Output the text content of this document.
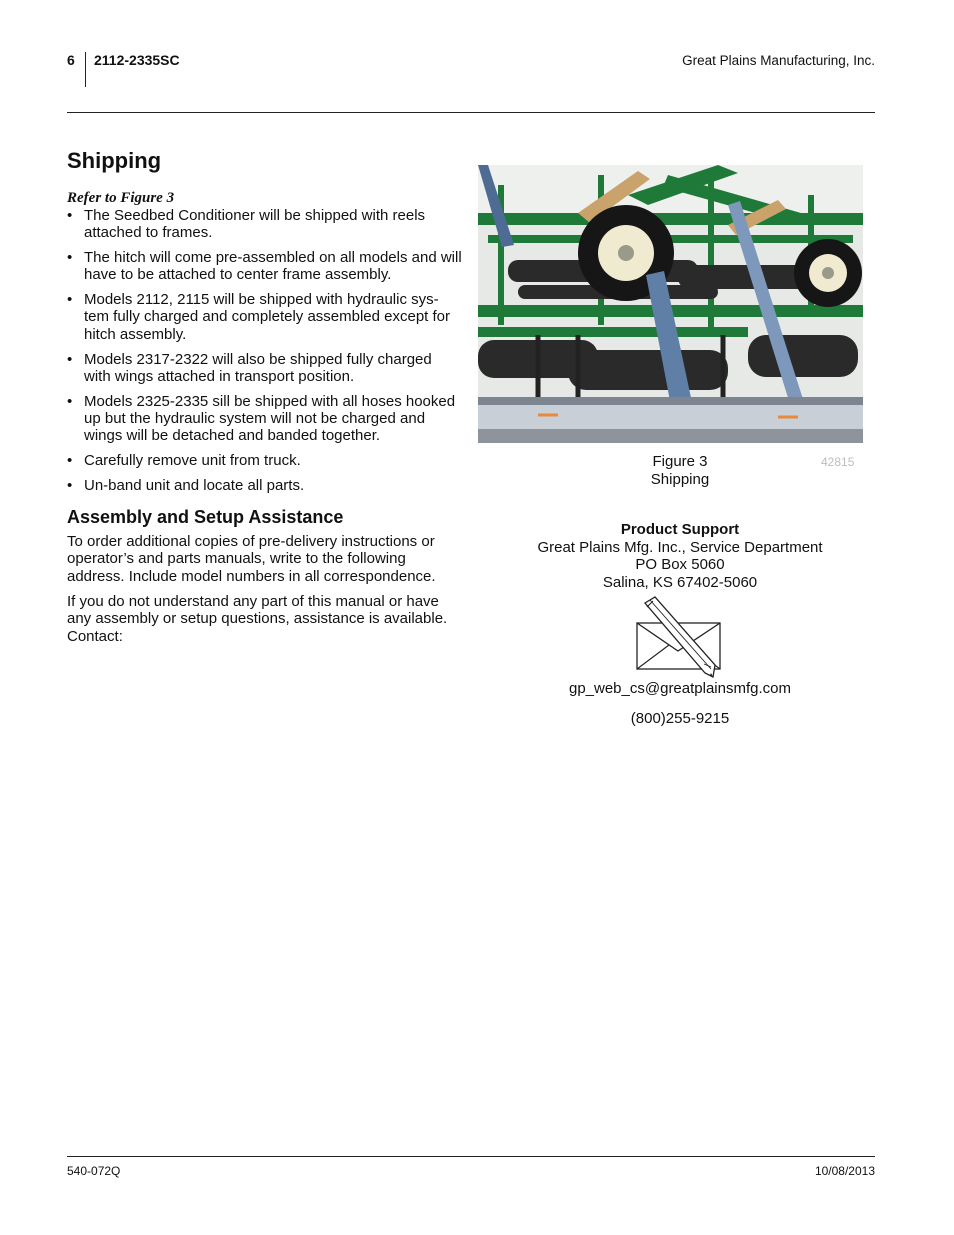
6 2112-2335SC	Great Plains Manufacturing, Inc.
Shipping

Refer to Figure 3

• The Seedbed Conditioner will be shipped with reels attached to frames.
• The hitch will come pre-assembled on all models and will have to be attached to center frame assembly.
• Models 2112, 2115 will be shipped with hydraulic sys-tem fully charged and completely assembled except for hitch assembly.
• Models 2317-2322 will also be shipped fully charged with wings attached in transport position.
• Models 2325-2335 sill be shipped with all hoses hooked up but the hydraulic system will not be charged and wings will be detached and banded together.
• Carefully remove unit from truck.
• Un-band unit and locate all parts.
Assembly and Setup Assistance

To order additional copies of pre-delivery instructions or operator’s and parts manuals, write to the following address. Include model numbers in all correspondence.

If you do not understand any part of this manual or have any assembly or setup questions, assistance is available. Contact:

Figure 3
Shipping
42815
Product Support
Great Plains Mfg. Inc., Service Department
PO Box 5060
Salina, KS 67402-5060
gp_web_cs@greatplainsmfg.com
(800)255-9215
540-072Q	10/08/2013
